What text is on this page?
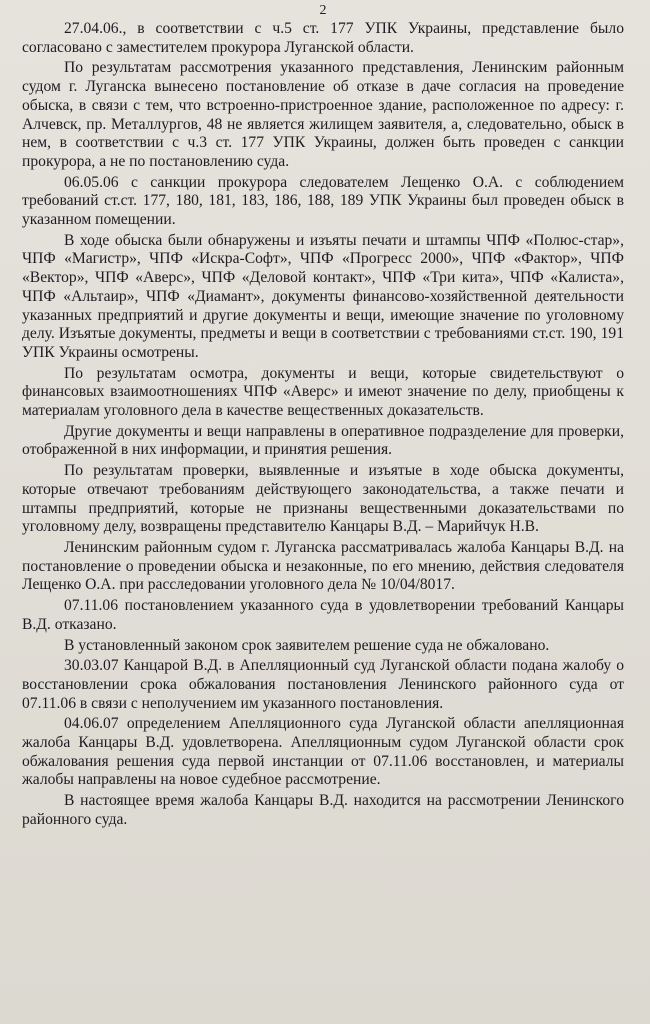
2

27.04.06., в соответствии с ч.5 ст. 177 УПК Украины, представление было согласовано с заместителем прокурора Луганской области.

По результатам рассмотрения указанного представления, Ленинским районным судом г. Луганска вынесено постановление об отказе в даче согласия на проведение обыска, в связи с тем, что встроенно-пристроенное здание, расположенное по адресу: г. Алчевск, пр. Металлургов, 48 не является жилищем заявителя, а, следовательно, обыск в нем, в соответствии с ч.3 ст. 177 УПК Украины, должен быть проведен с санкции прокурора, а не по постановлению суда.

06.05.06 с санкции прокурора следователем Лещенко О.А. с соблюдением требований ст.ст. 177, 180, 181, 183, 186, 188, 189 УПК Украины был проведен обыск в указанном помещении.

В ходе обыска были обнаружены и изъяты печати и штампы ЧПФ «Полюс-стар», ЧПФ «Магистр», ЧПФ «Искра-Софт», ЧПФ «Прогресс 2000», ЧПФ «Фактор», ЧПФ «Вектор», ЧПФ «Аверс», ЧПФ «Деловой контакт», ЧПФ «Три кита», ЧПФ «Калиста», ЧПФ «Альтаир», ЧПФ «Диамант», документы финансово-хозяйственной деятельности указанных предприятий и другие документы и вещи, имеющие значение по уголовному делу. Изъятые документы, предметы и вещи в соответствии с требованиями ст.ст. 190, 191 УПК Украины осмотрены.

По результатам осмотра, документы и вещи, которые свидетельствуют о финансовых взаимоотношениях ЧПФ «Аверс» и имеют значение по делу, приобщены к материалам уголовного дела в качестве вещественных доказательств.

Другие документы и вещи направлены в оперативное подразделение для проверки, отображенной в них информации, и принятия решения.

По результатам проверки, выявленные и изъятые в ходе обыска документы, которые отвечают требованиям действующего законодательства, а также печати и штампы предприятий, которые не признаны вещественными доказательствами по уголовному делу, возвращены представителю Канцары В.Д. – Марийчук Н.В.

Ленинским районным судом г. Луганска рассматривалась жалоба Канцары В.Д. на постановление о проведении обыска и незаконные, по его мнению, действия следователя Лещенко О.А. при расследовании уголовного дела № 10/04/8017.

07.11.06 постановлением указанного суда в удовлетворении требований Канцары В.Д. отказано.

В установленный законом срок заявителем решение суда не обжаловано.

30.03.07 Канцарой В.Д. в Апелляционный суд Луганской области подана жалобу о восстановлении срока обжалования постановления Ленинского районного суда от 07.11.06 в связи с неполучением им указанного постановления.

04.06.07 определением Апелляционного суда Луганской области апелляционная жалоба Канцары В.Д. удовлетворена. Апелляционным судом Луганской области срок обжалования решения суда первой инстанции от 07.11.06 восстановлен, и материалы жалобы направлены на новое судебное рассмотрение.

В настоящее время жалоба Канцары В.Д. находится на рассмотрении Ленинского районного суда.
